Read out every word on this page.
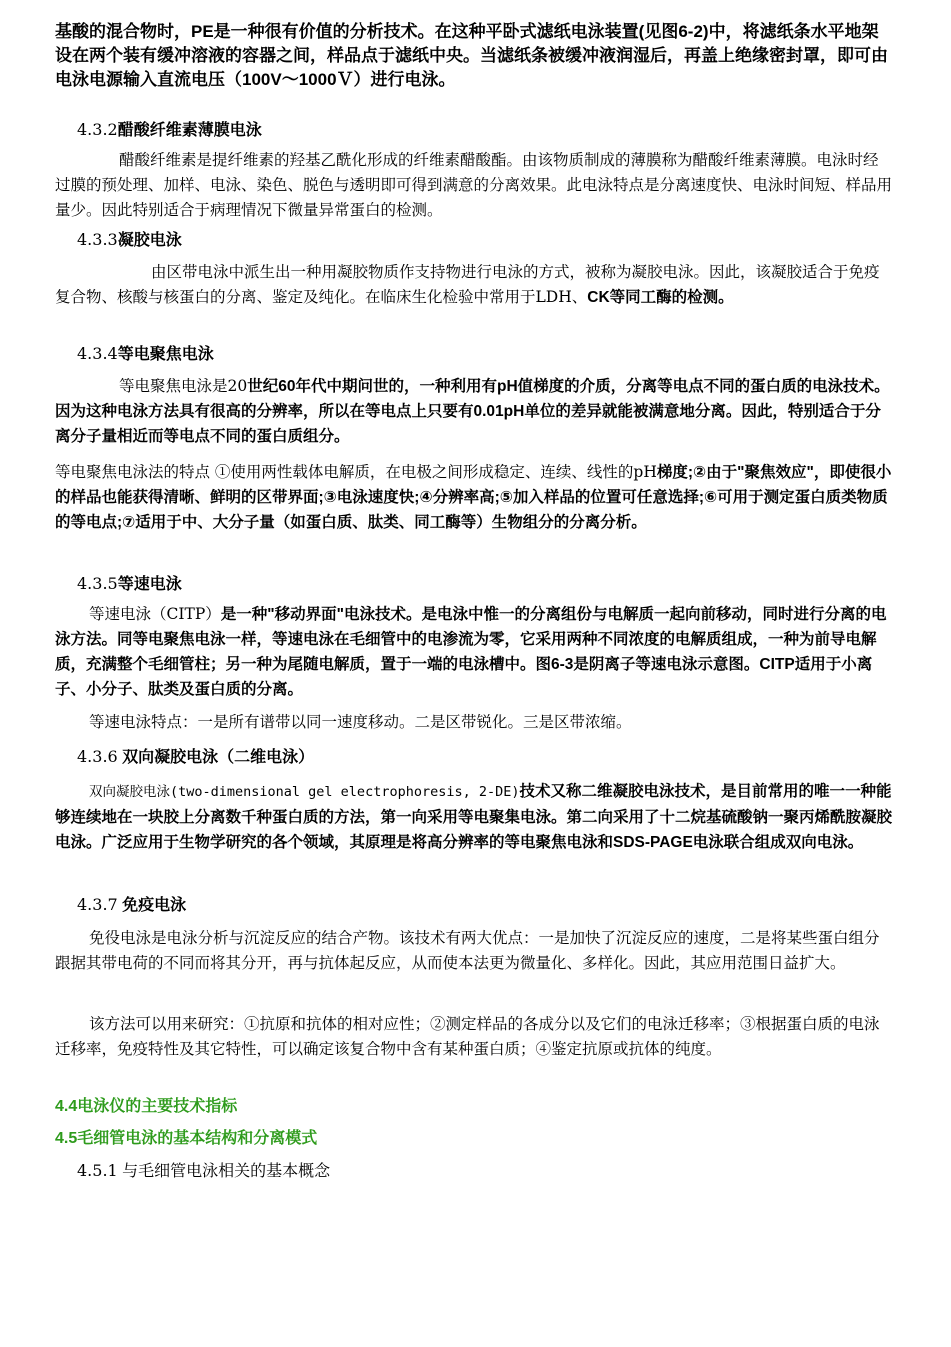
基酸的混合物时，PE是一种很有价值的分析技术。在这种平卧式滤纸电泳装置(见图6-2)中，将滤纸条水平地架设在两个装有缓冲溶液的容器之间，样品点于滤纸中央。当滤纸条被缓冲液润湿后，再盖上绝缘密封罩，即可由电泳电源输入直流电压（100V～1000Ｖ）进行电泳。

4.3.2醋酸纤维素薄膜电泳

醋酸纤维素是提纤维素的羟基乙酰化形成的纤维素醋酸酯。由该物质制成的薄膜称为醋酸纤维素薄膜。电泳时经过膜的预处理、加样、电泳、染色、脱色与透明即可得到满意的分离效果。此电泳特点是分离速度快、电泳时间短、样品用量少。因此特别适合于病理情况下微量异常蛋白的检测。

4.3.3凝胶电泳

由区带电泳中派生出一种用凝胶物质作支持物进行电泳的方式，被称为凝胶电泳。因此，该凝胶适合于免疫复合物、核酸与核蛋白的分离、鉴定及纯化。在临床生化检验中常用于LDH、CK等同工酶的检测。

4.3.4等电聚焦电泳

等电聚焦电泳是20世纪60年代中期问世的，一种利用有pH值梯度的介质，分离等电点不同的蛋白质的电泳技术。因为这种电泳方法具有很高的分辨率，所以在等电点上只要有0.01pH单位的差异就能被满意地分离。因此，特别适合于分离分子量相近而等电点不同的蛋白质组分。

等电聚焦电泳法的特点 ①使用两性载体电解质，在电极之间形成稳定、连续、线性的pH梯度;②由于"聚焦效应"，即使很小的样品也能获得清晰、鲜明的区带界面;③电泳速度快;④分辨率高;⑤加入样品的位置可任意选择;⑥可用于测定蛋白质类物质的等电点;⑦适用于中、大分子量（如蛋白质、肽类、同工酶等）生物组分的分离分析。

4.3.5等速电泳

等速电泳（CITP）是一种"移动界面"电泳技术。是电泳中惟一的分离组份与电解质一起向前移动，同时进行分离的电泳方法。同等电聚焦电泳一样，等速电泳在毛细管中的电渗流为零，它采用两种不同浓度的电解质组成，一种为前导电解质，充满整个毛细管柱；另一种为尾随电解质，置于一端的电泳槽中。图6-3是阴离子等速电泳示意图。CITP适用于小离子、小分子、肽类及蛋白质的分离。

等速电泳特点：一是所有谱带以同一速度移动。二是区带锐化。三是区带浓缩。

4.3.6 双向凝胶电泳（二维电泳）

双向凝胶电泳(two-dimensional gel electrophoresis, 2-DE)技术又称二维凝胶电泳技术，是目前常用的唯一一种能够连续地在一块胶上分离数千种蛋白质的方法，第一向采用等电聚集电泳。第二向采用了十二烷基硫酸钠一聚丙烯酰胺凝胶电泳。广泛应用于生物学研究的各个领域，其原理是将高分辨率的等电聚焦电泳和SDS-PAGE电泳联合组成双向电泳。

4.3.7 免疫电泳

免役电泳是电泳分析与沉淀反应的结合产物。该技术有两大优点：一是加快了沉淀反应的速度，二是将某些蛋白组分跟据其带电荷的不同而将其分开，再与抗体起反应，从而使本法更为微量化、多样化。因此，其应用范围日益扩大。

该方法可以用来研究：①抗原和抗体的相对应性；②测定样品的各成分以及它们的电泳迁移率；③根据蛋白质的电泳迁移率，免疫特性及其它特性，可以确定该复合物中含有某种蛋白质；④鉴定抗原或抗体的纯度。

4.4电泳仪的主要技术指标

4.5毛细管电泳的基本结构和分离模式

4.5.1 与毛细管电泳相关的基本概念
